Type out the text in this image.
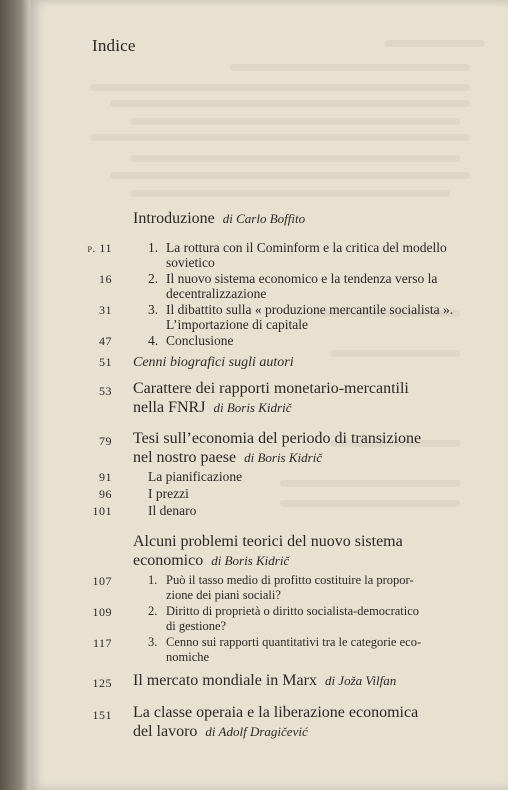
Indice
Introduzione di Carlo Boffito
p. 11	1. La rottura con il Cominform e la critica del modello
sovietico
16	2. Il nuovo sistema economico e la tendenza verso la
decentralizzazione
31	3. Il dibattito sulla « produzione mercantile socialista ».
L’importazione di capitale
47	4. Conclusione
51 Cenni biografici sugli autori
53 Carattere dei rapporti monetario-mercantili
nella FNRJ di Boris Kidrič
79 Tesi sull’economia del periodo di transizione
nel nostro paese di Boris Kidrič
91	La pianificazione
96	I prezzi
101	Il denaro
Alcuni problemi teorici del nuovo sistema
economico di Boris Kidrič
107	1. Può il tasso medio di profitto costituire la propor-
zione dei piani sociali?
109	2. Diritto di proprietà o diritto socialista-democratico
di gestione?
117	3. Cenno sui rapporti quantitativi tra le categorie eco-
nomiche
125 Il mercato mondiale in Marx di Joža Vilfan
151 La classe operaia e la liberazione economica
del lavoro di Adolf Dragičević
